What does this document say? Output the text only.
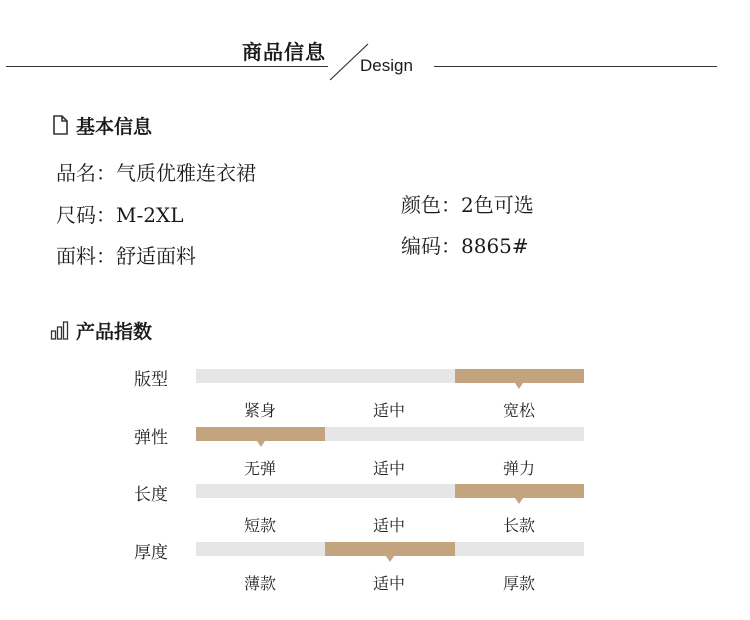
商品信息
Design
基本信息
品名：气质优雅连衣裙
尺码：M-2XL
面料：舒适面料
颜色：2色可选
编码：8865#
产品指数
版型
紧身	适中	宽松
弹性
无弹	适中	弹力
长度
短款	适中	长款
厚度
薄款	适中	厚款
